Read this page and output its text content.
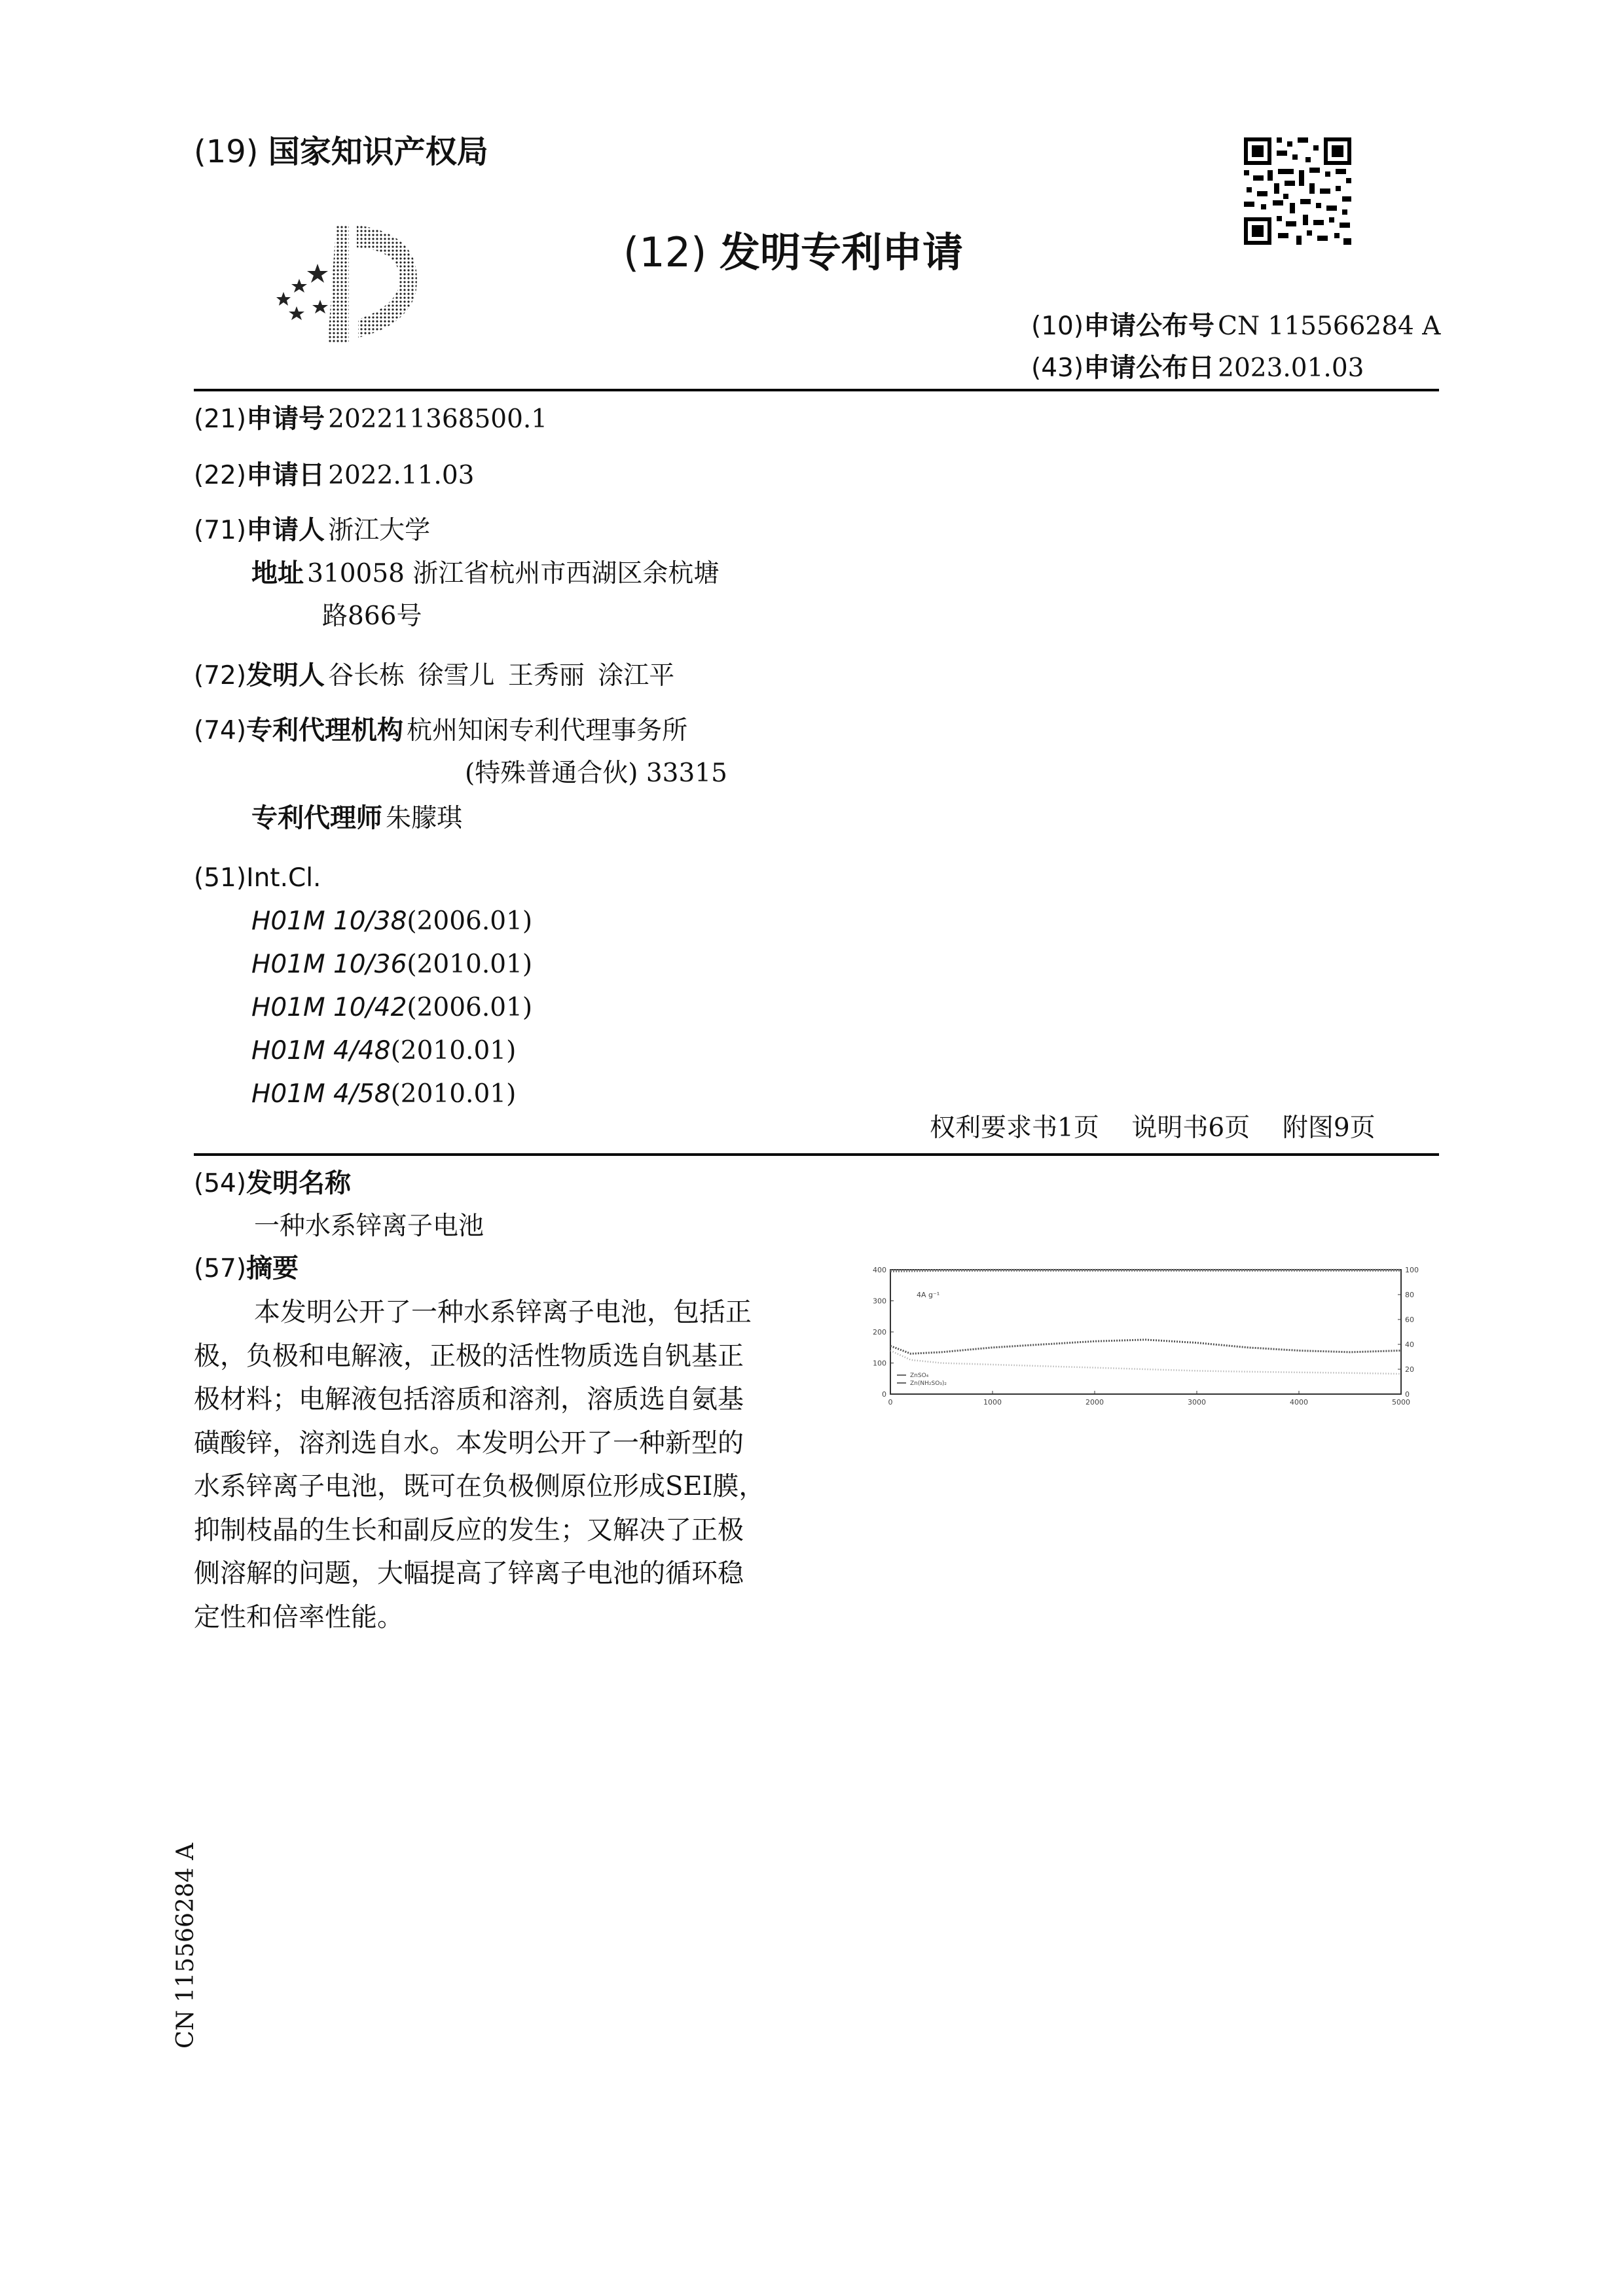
(19) 国家知识产权局
(12) 发明专利申请
(10)申请公布号 CN 115566284 A
(43)申请公布日 2023.01.03
(21)申请号 202211368500.1
(22)申请日 2022.11.03
(71)申请人 浙江大学
地址 310058 浙江省杭州市西湖区余杭塘
路866号
(72)发明人 谷长栋 徐雪儿 王秀丽 涂江平
(74)专利代理机构 杭州知闲专利代理事务所
(特殊普通合伙) 33315
专利代理师 朱朦琪
(51)Int.Cl.
H01M 10/38(2006.01)
H01M 10/36(2010.01)
H01M 10/42(2006.01)
H01M 4/48(2010.01)
H01M 4/58(2010.01)
权利要求书1页 说明书6页 附图9页
(54)发明名称
一种水系锌离子电池
(57)摘要

本发明公开了一种水系锌离子电池，包括正

极，负极和电解液，正极的活性物质选自钒基正

极材料；电解液包括溶质和溶剂，溶质选自氨基

磺酸锌，溶剂选自水。本发明公开了一种新型的

水系锌离子电池，既可在负极侧原位形成SEI膜，

抑制枝晶的生长和副反应的发生；又解决了正极

侧溶解的问题，大幅提高了锌离子电池的循环稳

定性和倍率性能。

0	1000	2000	3000	4000	5000
0
100
200
300
400
0
20
40
60
80
100
4A g⁻¹
ZnSO₄
Zn(NH₂SO₃)₂
CN 115566284 A
